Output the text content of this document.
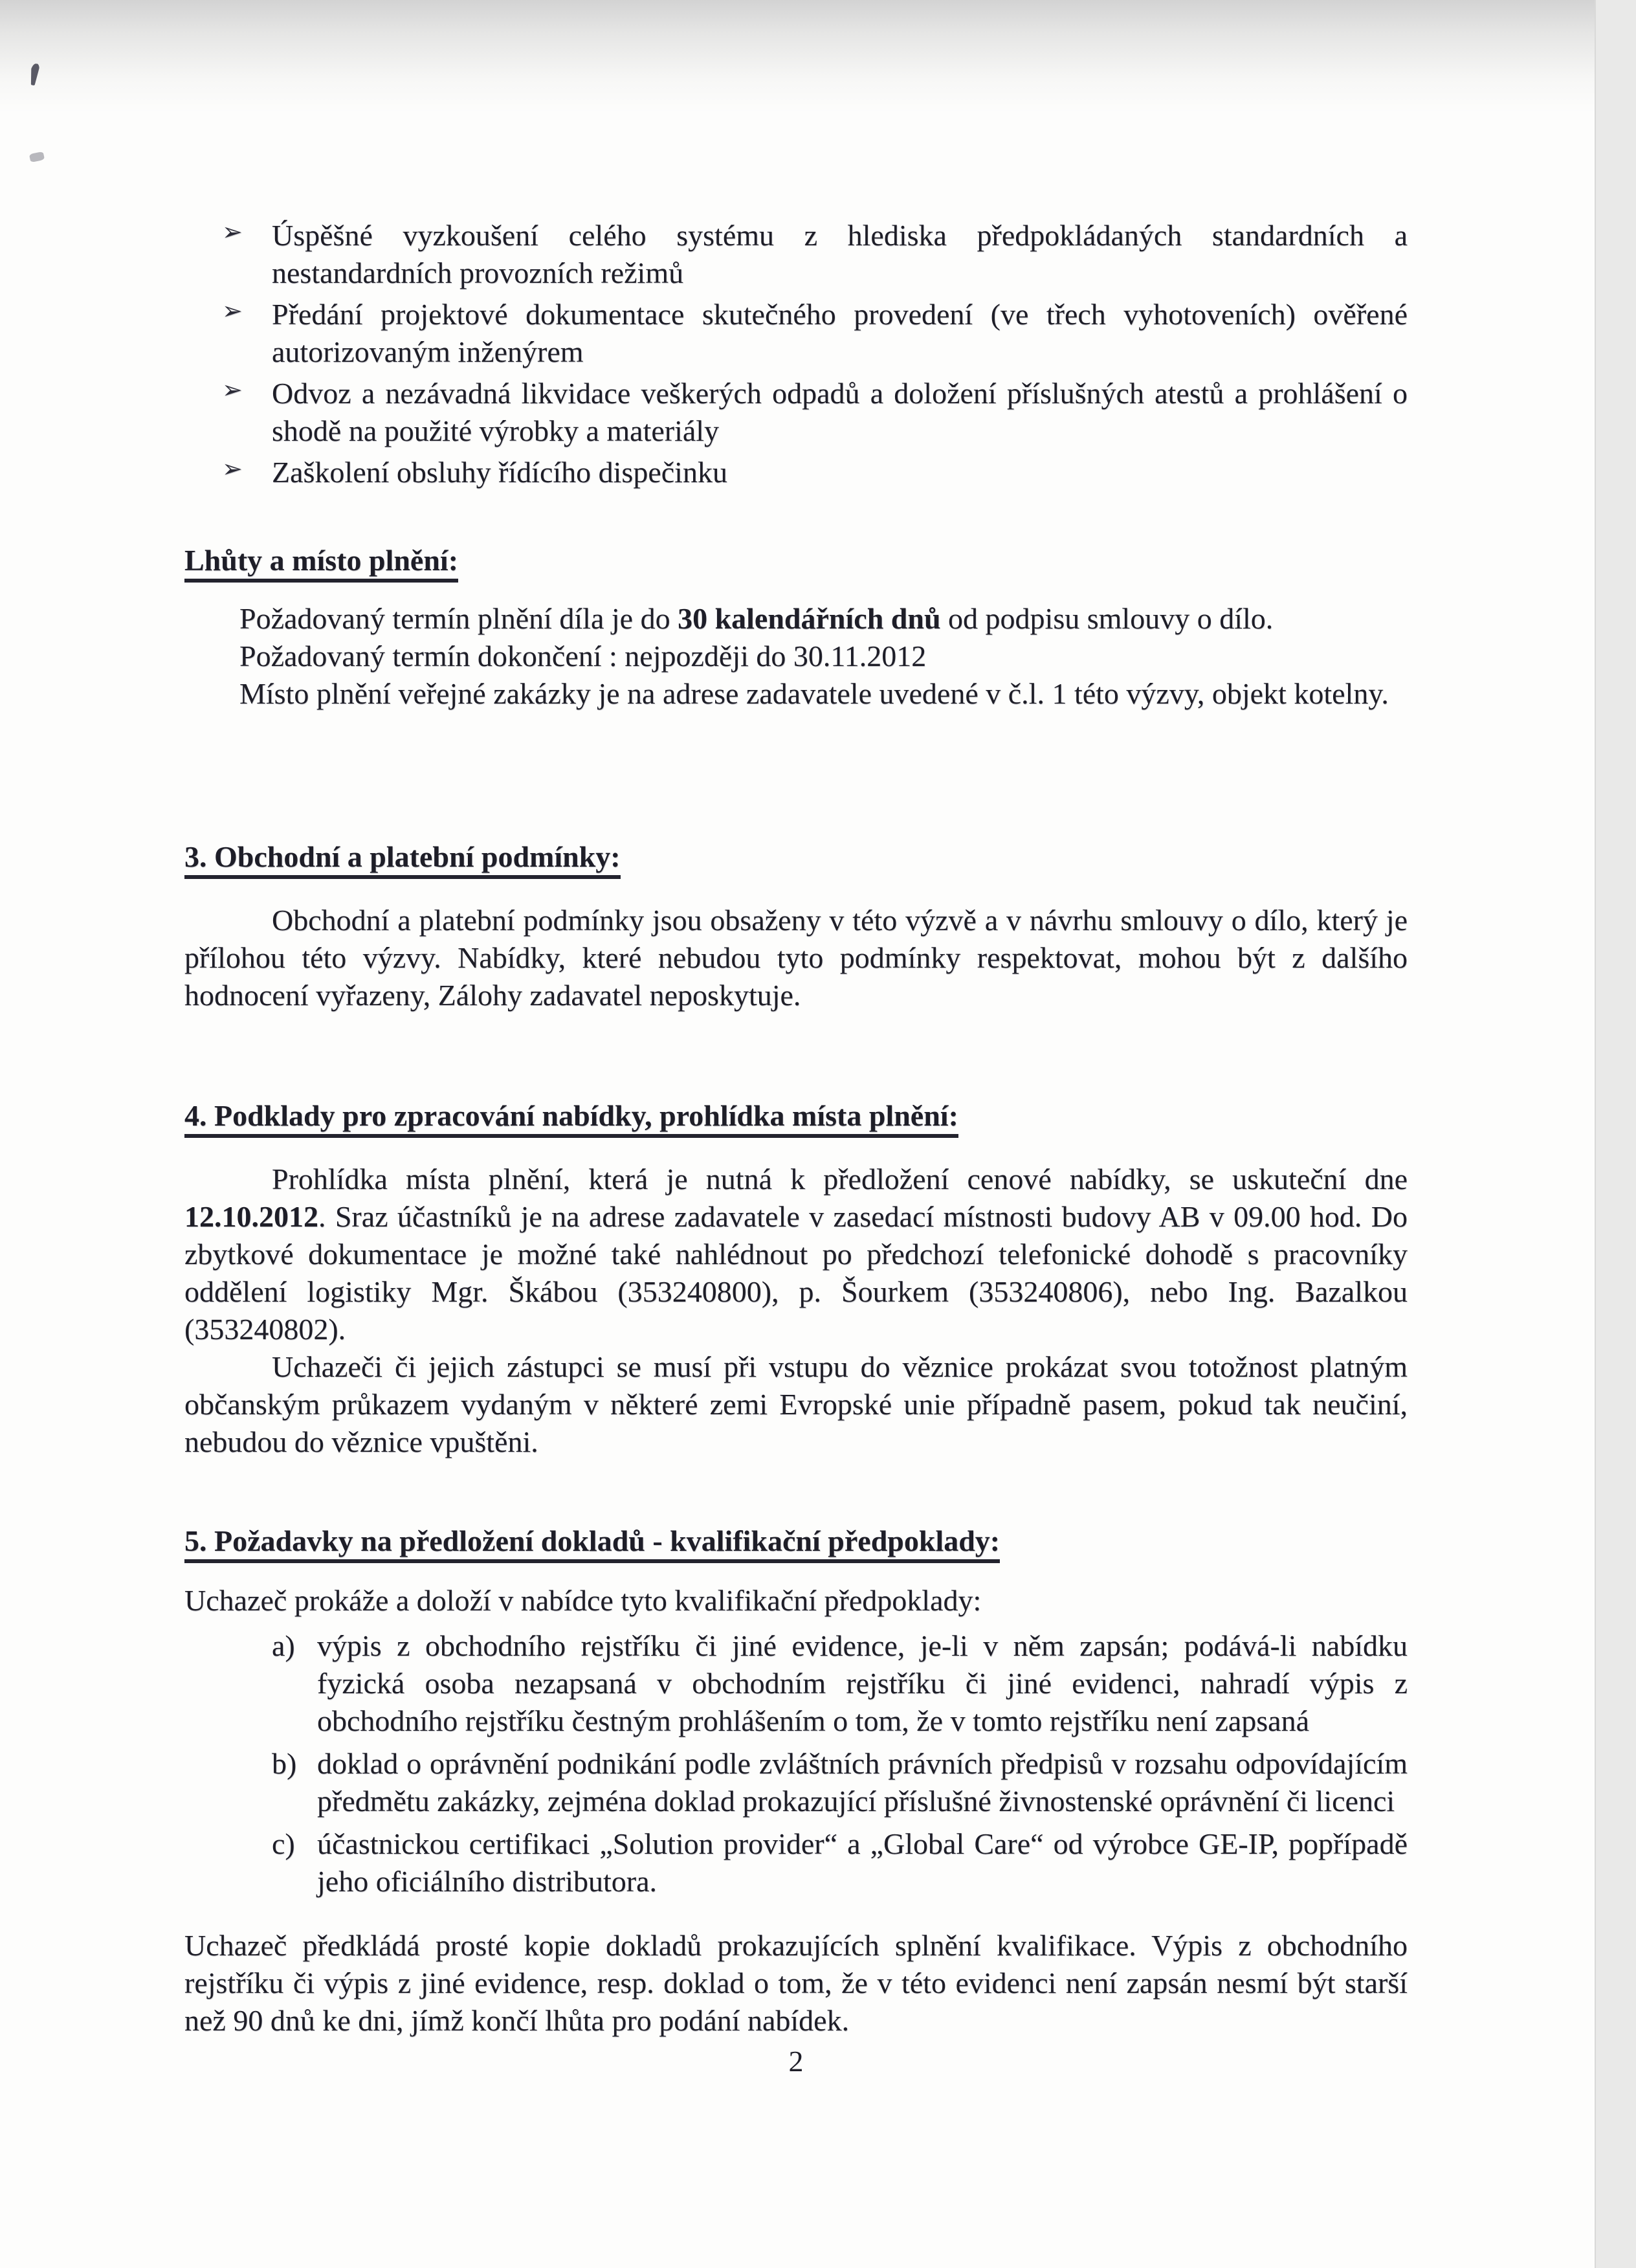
➢ Úspěšné vyzkoušení celého systému z hlediska předpokládaných standardních a nestandardních provozních režimů
➢ Předání projektové dokumentace skutečného provedení (ve třech vyhotoveních) ověřené autorizovaným inženýrem
➢ Odvoz a nezávadná likvidace veškerých odpadů a doložení příslušných atestů a prohlášení o shodě na použité výrobky a materiály
➢ Zaškolení obsluhy řídícího dispečinku
Lhůty a místo plnění:
Požadovaný termín plnění díla je do 30 kalendářních dnů od podpisu smlouvy o dílo.
Požadovaný termín dokončení : nejpozději do 30.11.2012
Místo plnění veřejné zakázky je na adrese zadavatele uvedené v č.l. 1 této výzvy, objekt kotelny.
3. Obchodní a platební podmínky:

Obchodní a platební podmínky jsou obsaženy v této výzvě a v návrhu smlouvy o dílo, který je přílohou této výzvy. Nabídky, které nebudou tyto podmínky respektovat, mohou být z dalšího hodnocení vyřazeny, Zálohy zadavatel neposkytuje.

4. Podklady pro zpracování nabídky, prohlídka místa plnění:

Prohlídka místa plnění, která je nutná k předložení cenové nabídky, se uskuteční dne 12.10.2012. Sraz účastníků je na adrese zadavatele v zasedací místnosti budovy AB v 09.00 hod. Do zbytkové dokumentace je možné také nahlédnout po předchozí telefonické dohodě s pracovníky oddělení logistiky Mgr. Škábou (353240800), p. Šourkem (353240806), nebo Ing. Bazalkou (353240802).

Uchazeči či jejich zástupci se musí při vstupu do věznice prokázat svou totožnost platným občanským průkazem vydaným v některé zemi Evropské unie případně pasem, pokud tak neučiní, nebudou do věznice vpuštěni.

5. Požadavky na předložení dokladů - kvalifikační předpoklady:

Uchazeč prokáže a doloží v nabídce tyto kvalifikační předpoklady:

a) výpis z obchodního rejstříku či jiné evidence, je-li v něm zapsán; podává-li nabídku fyzická osoba nezapsaná v obchodním rejstříku či jiné evidenci, nahradí výpis z obchodního rejstříku čestným prohlášením o tom, že v tomto rejstříku není zapsaná
b) doklad o oprávnění podnikání podle zvláštních právních předpisů v rozsahu odpovídajícím předmětu zakázky, zejména doklad prokazující příslušné živnostenské oprávnění či licenci
c) účastnickou certifikaci „Solution provider“ a „Global Care“ od výrobce GE-IP, popřípadě jeho oficiálního distributora.

Uchazeč předkládá prosté kopie dokladů prokazujících splnění kvalifikace. Výpis z obchodního rejstříku či výpis z jiné evidence, resp. doklad o tom, že v této evidenci není zapsán nesmí být starší než 90 dnů ke dni, jímž končí lhůta pro podání nabídek.

2
